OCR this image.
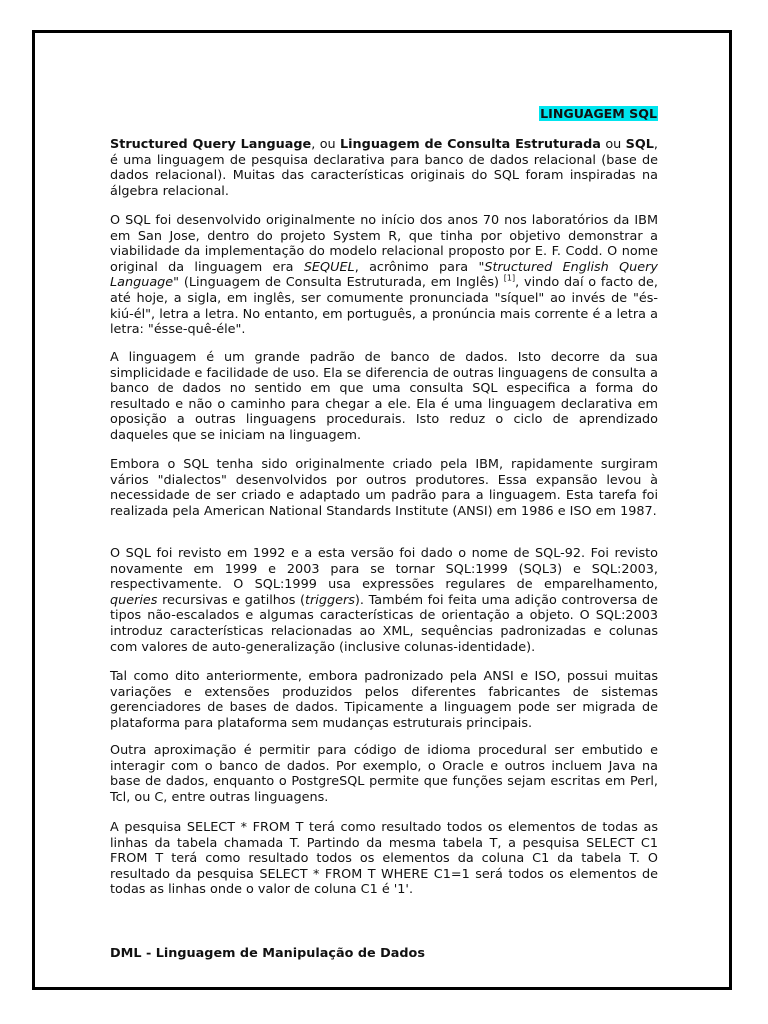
LINGUAGEM SQL

Structured Query Language, ou Linguagem de Consulta Estruturada ou SQL, é uma linguagem de pesquisa declarativa para banco de dados relacional (base de dados relacional). Muitas das características originais do SQL foram inspiradas na álgebra relacional.

O SQL foi desenvolvido originalmente no início dos anos 70 nos laboratórios da IBM em San Jose, dentro do projeto System R, que tinha por objetivo demonstrar a viabilidade da implementação do modelo relacional proposto por E. F. Codd. O nome original da linguagem era SEQUEL, acrônimo para "Structured English Query Language" (Linguagem de Consulta Estruturada, em Inglês) [1], vindo daí o facto de, até hoje, a sigla, em inglês, ser comumente pronunciada "síquel" ao invés de "és-kiú-él", letra a letra. No entanto, em português, a pronúncia mais corrente é a letra a letra: "ésse-quê-éle".

A linguagem é um grande padrão de banco de dados. Isto decorre da sua simplicidade e facilidade de uso. Ela se diferencia de outras linguagens de consulta a banco de dados no sentido em que uma consulta SQL especifica a forma do resultado e não o caminho para chegar a ele. Ela é uma linguagem declarativa em oposição a outras linguagens procedurais. Isto reduz o ciclo de aprendizado daqueles que se iniciam na linguagem.

Embora o SQL tenha sido originalmente criado pela IBM, rapidamente surgiram vários "dialectos" desenvolvidos por outros produtores. Essa expansão levou à necessidade de ser criado e adaptado um padrão para a linguagem. Esta tarefa foi realizada pela American National Standards Institute (ANSI) em 1986 e ISO em 1987.

O SQL foi revisto em 1992 e a esta versão foi dado o nome de SQL-92. Foi revisto novamente em 1999 e 2003 para se tornar SQL:1999 (SQL3) e SQL:2003, respectivamente. O SQL:1999 usa expressões regulares de emparelhamento, queries recursivas e gatilhos (triggers). Também foi feita uma adição controversa de tipos não-escalados e algumas características de orientação a objeto. O SQL:2003 introduz características relacionadas ao XML, sequências padronizadas e colunas com valores de auto-generalização (inclusive colunas-identidade).

Tal como dito anteriormente, embora padronizado pela ANSI e ISO, possui muitas variações e extensões produzidos pelos diferentes fabricantes de sistemas gerenciadores de bases de dados. Tipicamente a linguagem pode ser migrada de plataforma para plataforma sem mudanças estruturais principais.

Outra aproximação é permitir para código de idioma procedural ser embutido e interagir com o banco de dados. Por exemplo, o Oracle e outros incluem Java na base de dados, enquanto o PostgreSQL permite que funções sejam escritas em Perl, Tcl, ou C, entre outras linguagens.

A pesquisa SELECT * FROM T terá como resultado todos os elementos de todas as linhas da tabela chamada T. Partindo da mesma tabela T, a pesquisa SELECT C1 FROM T terá como resultado todos os elementos da coluna C1 da tabela T. O resultado da pesquisa SELECT * FROM T WHERE C1=1 será todos os elementos de todas as linhas onde o valor de coluna C1 é '1'.

DML - Linguagem de Manipulação de Dados
